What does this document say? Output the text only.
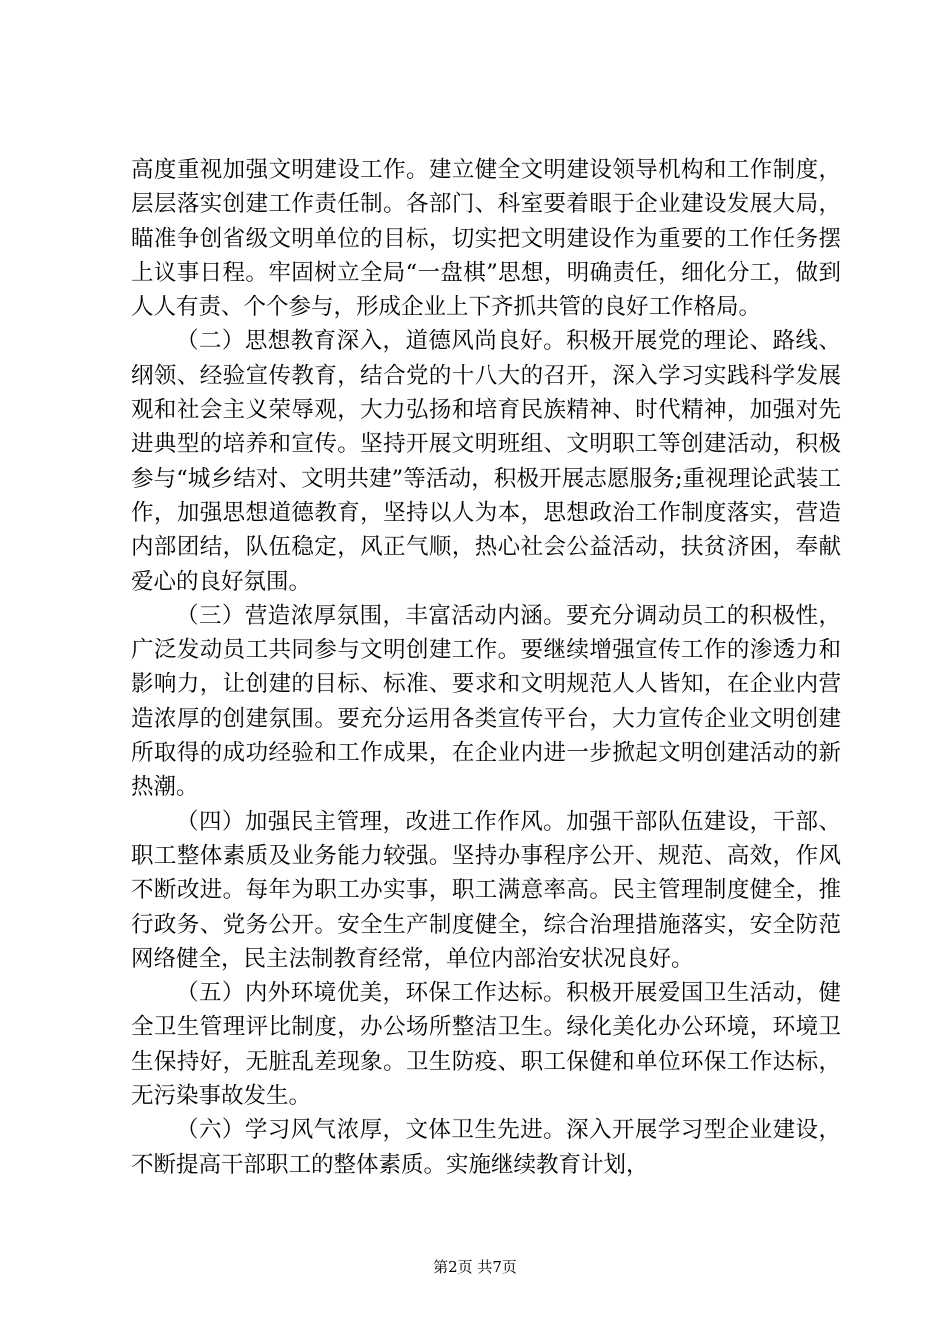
高度重视加强文明建设工作。建立健全文明建设领导机构和工作制度，层层落实创建工作责任制。各部门、科室要着眼于企业建设发展大局，瞄准争创省级文明单位的目标，切实把文明建设作为重要的工作任务摆上议事日程。牢固树立全局“一盘棋”思想，明确责任，细化分工，做到人人有责、个个参与，形成企业上下齐抓共管的良好工作格局。

（二）思想教育深入，道德风尚良好。积极开展党的理论、路线、纲领、经验宣传教育，结合党的十八大的召开，深入学习实践科学发展观和社会主义荣辱观，大力弘扬和培育民族精神、时代精神，加强对先进典型的培养和宣传。坚持开展文明班组、文明职工等创建活动，积极参与“城乡结对、文明共建”等活动，积极开展志愿服务;重视理论武装工作，加强思想道德教育，坚持以人为本，思想政治工作制度落实，营造内部团结，队伍稳定，风正气顺，热心社会公益活动，扶贫济困，奉献爱心的良好氛围。

（三）营造浓厚氛围，丰富活动内涵。要充分调动员工的积极性，广泛发动员工共同参与文明创建工作。要继续增强宣传工作的渗透力和影响力，让创建的目标、标准、要求和文明规范人人皆知，在企业内营造浓厚的创建氛围。要充分运用各类宣传平台，大力宣传企业文明创建所取得的成功经验和工作成果，在企业内进一步掀起文明创建活动的新热潮。

（四）加强民主管理，改进工作作风。加强干部队伍建设，干部、职工整体素质及业务能力较强。坚持办事程序公开、规范、高效，作风不断改进。每年为职工办实事，职工满意率高。民主管理制度健全，推行政务、党务公开。安全生产制度健全，综合治理措施落实，安全防范网络健全，民主法制教育经常，单位内部治安状况良好。

（五）内外环境优美，环保工作达标。积极开展爱国卫生活动，健全卫生管理评比制度，办公场所整洁卫生。绿化美化办公环境，环境卫生保持好，无脏乱差现象。卫生防疫、职工保健和单位环保工作达标，无污染事故发生。

（六）学习风气浓厚，文体卫生先进。深入开展学习型企业建设，不断提高干部职工的整体素质。实施继续教育计划，

第2页 共7页
